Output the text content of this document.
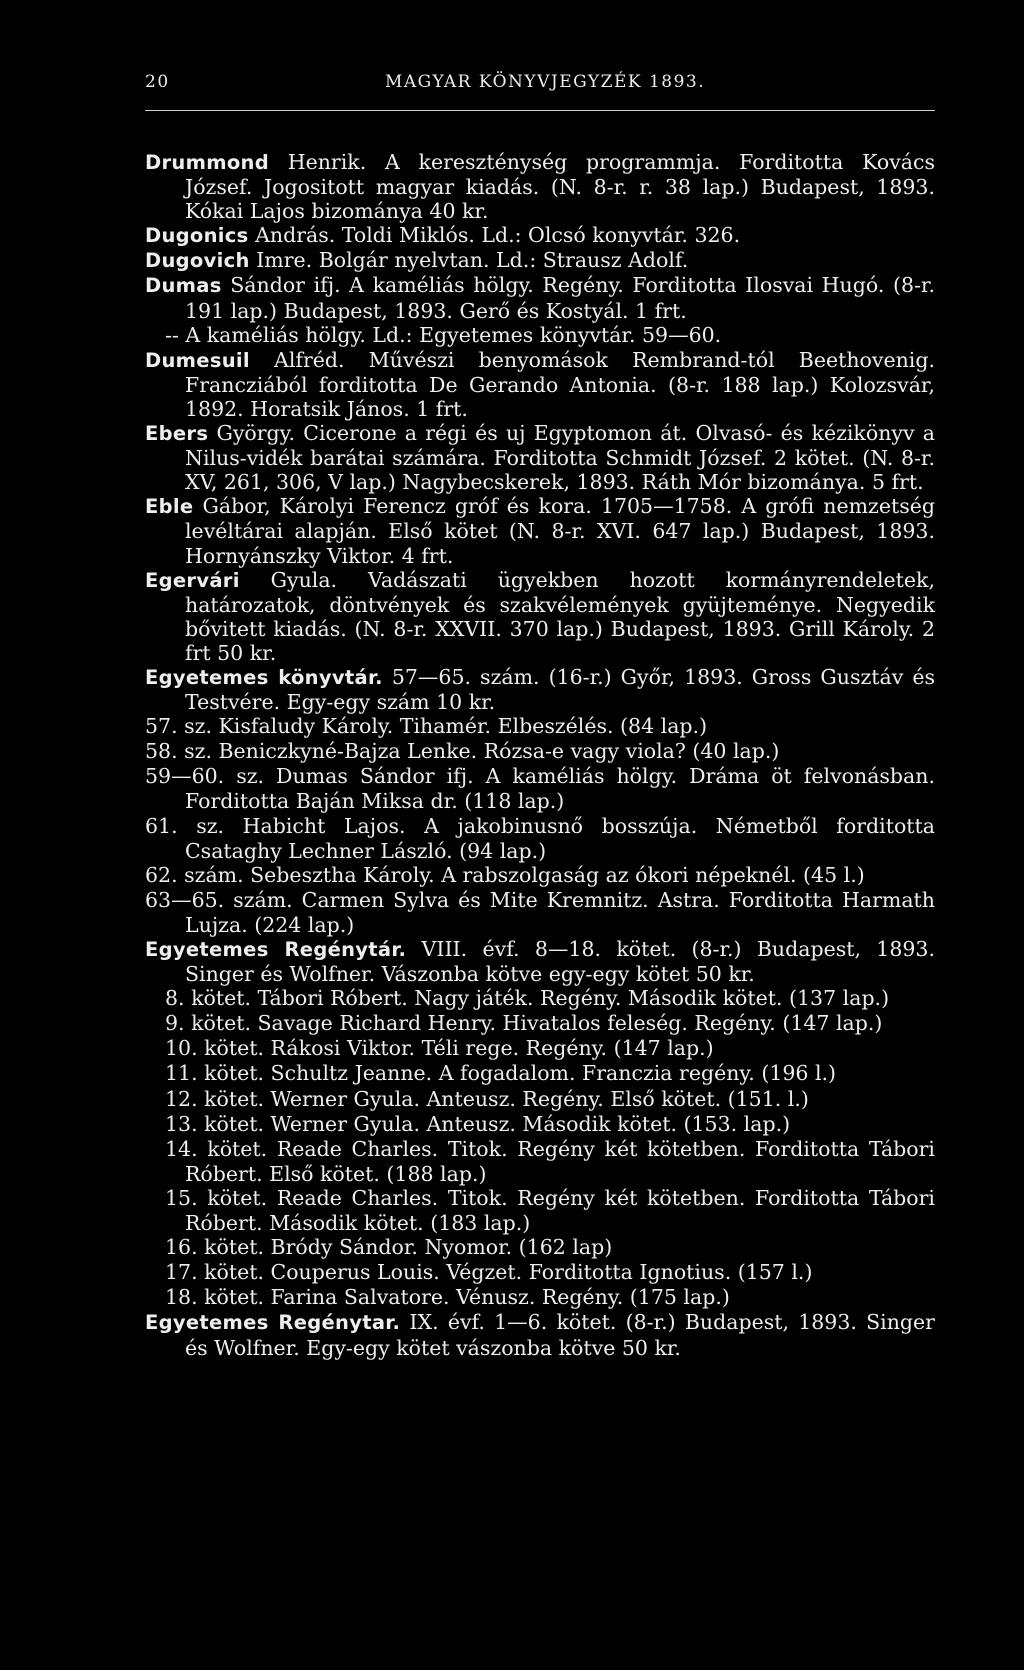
20	MAGYAR KÖNYVJEGYZÉK 1893.

Drummond Henrik. A kereszténység programmja. Forditotta Kovács József. Jogositott magyar kiadás. (N. 8-r. r. 38 lap.) Budapest, 1893. Kókai Lajos bizománya 40 kr.

Dugonics András. Toldi Miklós. Ld.: Olcsó konyvtár. 326.

Dugovich Imre. Bolgár nyelvtan. Ld.: Strausz Adolf.

Dumas Sándor ifj. A kaméliás hölgy. Regény. Forditotta Ilosvai Hugó. (8-r. 191 lap.) Budapest, 1893. Gerő és Kostyál. 1 frt.

-- A kaméliás hölgy. Ld.: Egyetemes könyvtár. 59—60.

Dumesuil Alfréd. Művészi benyomások Rembrand-tól Beethovenig. Francziából forditotta De Gerando Antonia. (8-r. 188 lap.) Kolozsvár, 1892. Horatsik János. 1 frt.

Ebers György. Cicerone a régi és uj Egyptomon át. Olvasó- és kézikönyv a Nilus-vidék barátai számára. Forditotta Schmidt József. 2 kötet. (N. 8-r. XV, 261, 306, V lap.) Nagybecskerek, 1893. Ráth Mór bizománya. 5 frt.

Eble Gábor, Károlyi Ferencz gróf és kora. 1705—1758. A grófi nemzetség levéltárai alapján. Első kötet (N. 8-r. XVI. 647 lap.) Budapest, 1893. Hornyánszky Viktor. 4 frt.

Egervári Gyula. Vadászati ügyekben hozott kormányrendeletek, határozatok, döntvények és szakvélemények gyüjteménye. Negyedik bővitett kiadás. (N. 8-r. XXVII. 370 lap.) Budapest, 1893. Grill Károly. 2 frt 50 kr.

Egyetemes könyvtár. 57—65. szám. (16-r.) Győr, 1893. Gross Gusztáv és Testvére. Egy-egy szám 10 kr.

57. sz. Kisfaludy Károly. Tihamér. Elbeszélés. (84 lap.)

58. sz. Beniczkyné-Bajza Lenke. Rózsa-e vagy viola? (40 lap.)

59—60. sz. Dumas Sándor ifj. A kaméliás hölgy. Dráma öt felvonásban. Forditotta Baján Miksa dr. (118 lap.)

61. sz. Habicht Lajos. A jakobinusnő bosszúja. Németből forditotta Csataghy Lechner László. (94 lap.)

62. szám. Sebesztha Károly. A rabszolgaság az ókori népeknél. (45 l.)

63—65. szám. Carmen Sylva és Mite Kremnitz. Astra. Forditotta Harmath Lujza. (224 lap.)

Egyetemes Regénytár. VIII. évf. 8—18. kötet. (8-r.) Budapest, 1893. Singer és Wolfner. Vászonba kötve egy-egy kötet 50 kr.

8. kötet. Tábori Róbert. Nagy játék. Regény. Második kötet. (137 lap.)

9. kötet. Savage Richard Henry. Hivatalos feleség. Regény. (147 lap.)

10. kötet. Rákosi Viktor. Téli rege. Regény. (147 lap.)

11. kötet. Schultz Jeanne. A fogadalom. Franczia regény. (196 l.)

12. kötet. Werner Gyula. Anteusz. Regény. Első kötet. (151. l.)

13. kötet. Werner Gyula. Anteusz. Második kötet. (153. lap.)

14. kötet. Reade Charles. Titok. Regény két kötetben. Forditotta Tábori Róbert. Első kötet. (188 lap.)

15. kötet. Reade Charles. Titok. Regény két kötetben. Forditotta Tábori Róbert. Második kötet. (183 lap.)

16. kötet. Bródy Sándor. Nyomor. (162 lap)

17. kötet. Couperus Louis. Végzet. Forditotta Ignotius. (157 l.)

18. kötet. Farina Salvatore. Vénusz. Regény. (175 lap.)

Egyetemes Regénytar. IX. évf. 1—6. kötet. (8-r.) Budapest, 1893. Singer és Wolfner. Egy-egy kötet vászonba kötve 50 kr.
